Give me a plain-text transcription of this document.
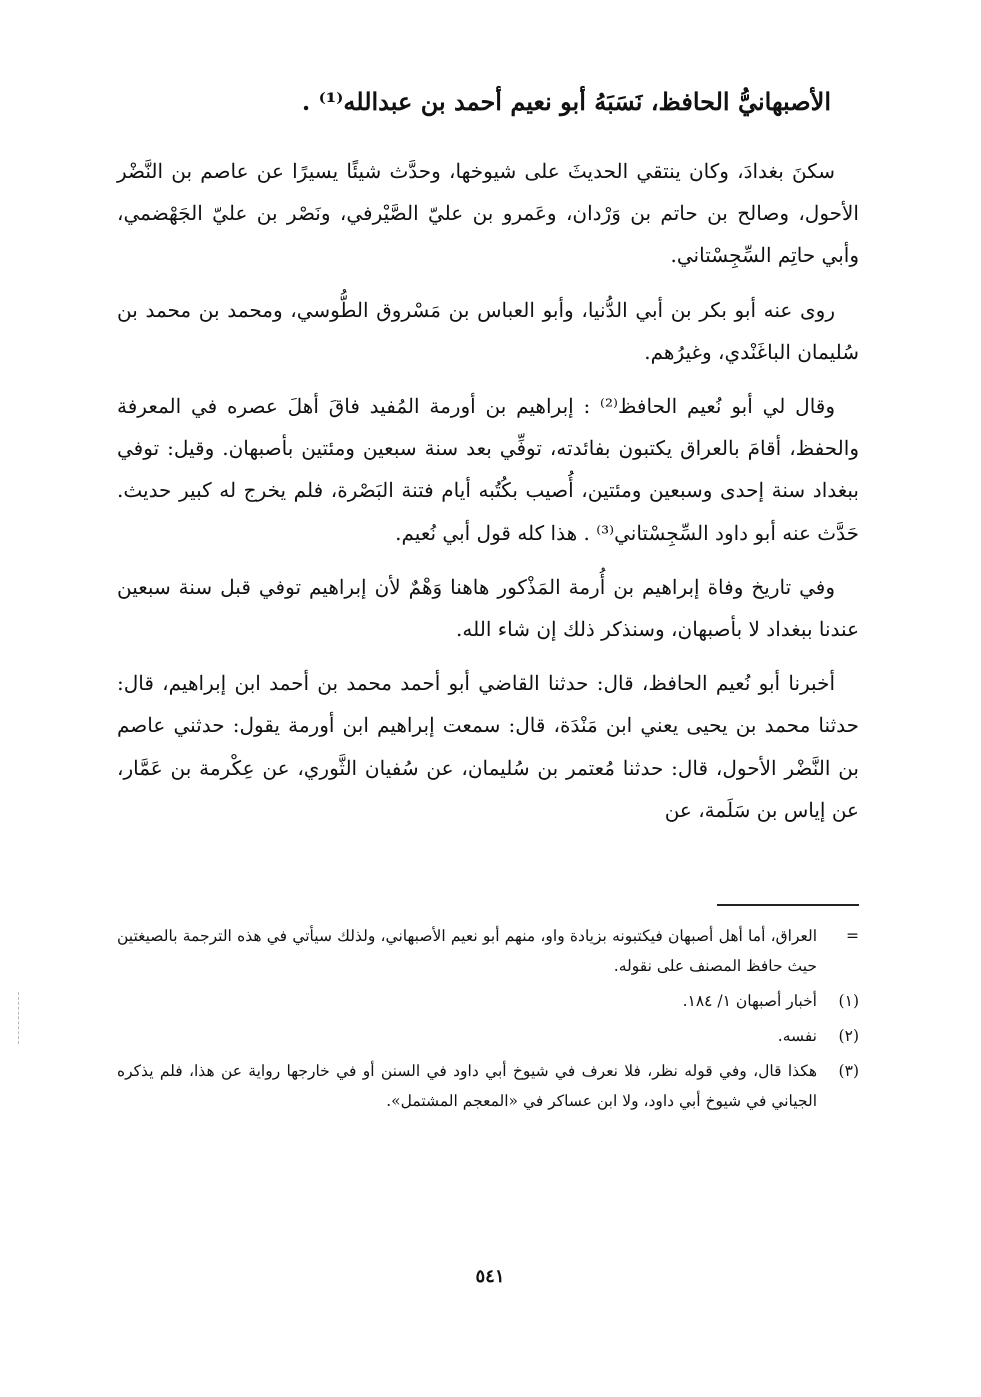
الأصبهانيُّ الحافظ، نَسَبَهُ أبو نعيم أحمد بن عبدالله⁽¹⁾ .

سكنَ بغدادَ، وكان ينتقي الحديثَ على شيوخها، وحدَّث شيئًا يسيرًا عن عاصم بن النَّضْر الأحول، وصالح بن حاتم بن وَرْدان، وعَمرو بن عليّ الصَّيْرفي، ونَصْر بن عليّ الجَهْضمي، وأبي حاتِم السِّجِسْتاني.

روى عنه أبو بكر بن أبي الدُّنيا، وأبو العباس بن مَسْروق الطُّوسي، ومحمد بن محمد بن سُليمان الباغَنْدي، وغيرُهم.

وقال لي أبو نُعيم الحافظ⁽²⁾ : إبراهيم بن أورمة المُفيد فاقَ أهلَ عصره في المعرفة والحفظ، أقامَ بالعراق يكتبون بفائدته، توفِّي بعد سنة سبعين ومئتين بأصبهان. وقيل: توفي ببغداد سنة إحدى وسبعين ومئتين، أُصيب بكُتُبه أيام فتنة البَصْرة، فلم يخرج له كبير حديث. حَدَّث عنه أبو داود السِّجِسْتاني⁽³⁾ . هذا كله قول أبي نُعيم.

وفي تاريخ وفاة إبراهيم بن أُرمة المَذْكور هاهنا وَهْمٌ لأن إبراهيم توفي قبل سنة سبعين عندنا ببغداد لا بأصبهان، وسنذكر ذلك إن شاء الله.

أخبرنا أبو نُعيم الحافظ، قال: حدثنا القاضي أبو أحمد محمد بن أحمد ابن إبراهيم، قال: حدثنا محمد بن يحيى يعني ابن مَنْدَة، قال: سمعت إبراهيم ابن أورمة يقول: حدثني عاصم بن النَّضْر الأحول، قال: حدثنا مُعتمر بن سُليمان، عن سُفيان الثَّوري، عن عِكْرمة بن عَمَّار، عن إياس بن سَلَمة، عن

=
العراق، أما أهل أصبهان فيكتبونه بزيادة واو، منهم أبو نعيم الأصبهاني، ولذلك سيأتي في هذه الترجمة بالصيغتين حيث حافظ المصنف على نقوله.
(١)
أخبار أصبهان ١/ ١٨٤.
(٢)
نفسه.
(٣)
هكذا قال، وفي قوله نظر، فلا نعرف في شيوخ أبي داود في السنن أو في خارجها رواية عن هذا، فلم يذكره الجياني في شيوخ أبي داود، ولا ابن عساكر في «المعجم المشتمل».
٥٤١
